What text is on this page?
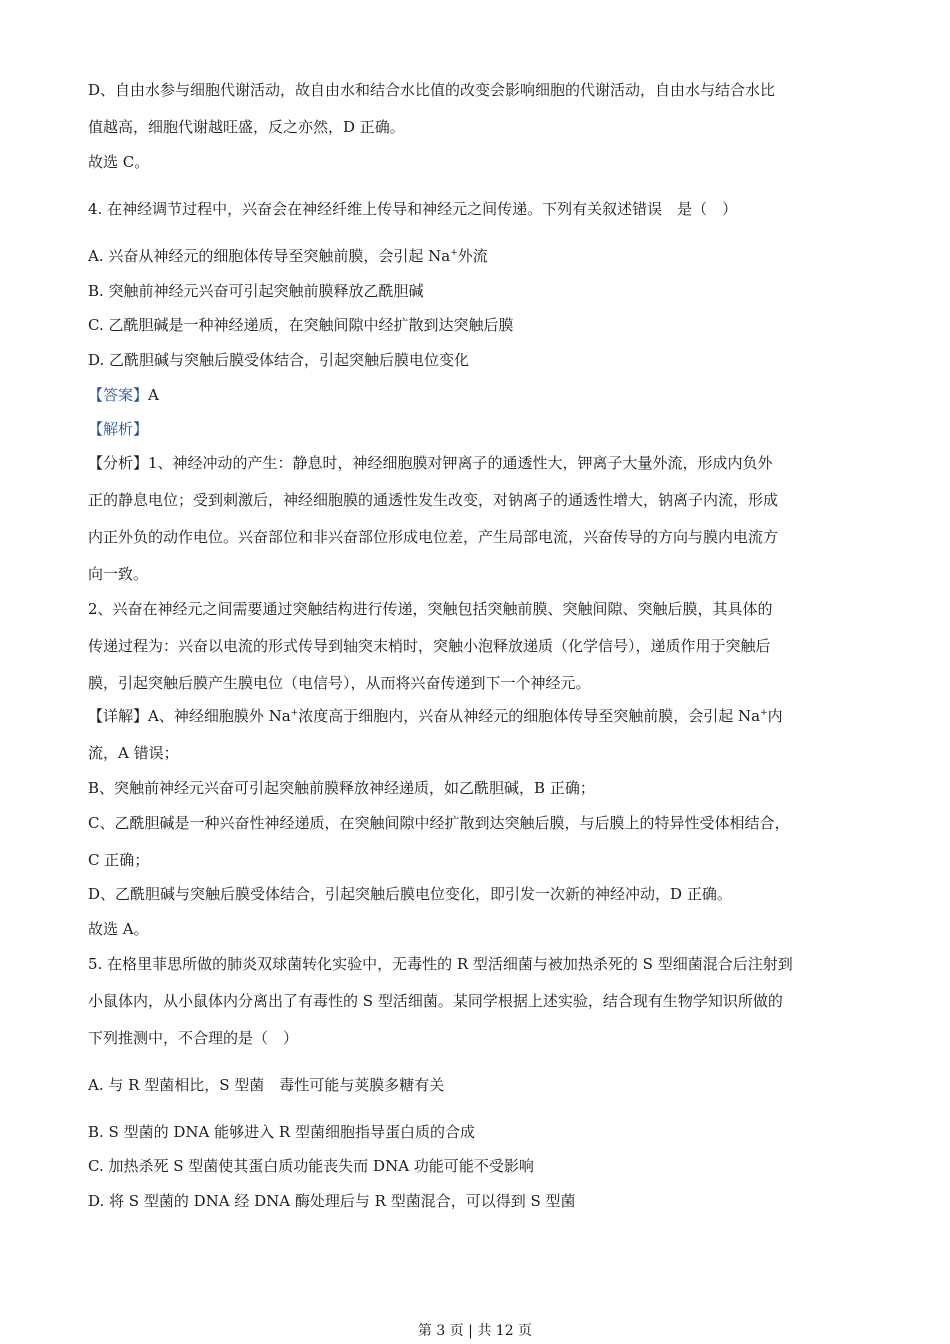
D、自由水参与细胞代谢活动，故自由水和结合水比值的改变会影响细胞的代谢活动，自由水与结合水比
值越高，细胞代谢越旺盛，反之亦然，D 正确。
故选 C。
4. 在神经调节过程中，兴奋会在神经纤维上传导和神经元之间传递。下列有关叙述错误　是（　）
A. 兴奋从神经元的细胞体传导至突触前膜，会引起 Na+外流
B. 突触前神经元兴奋可引起突触前膜释放乙酰胆碱
C. 乙酰胆碱是一种神经递质，在突触间隙中经扩散到达突触后膜
D. 乙酰胆碱与突触后膜受体结合，引起突触后膜电位变化
【答案】A
【解析】
【分析】1、神经冲动的产生：静息时，神经细胞膜对钾离子的通透性大，钾离子大量外流，形成内负外
正的静息电位；受到刺激后，神经细胞膜的通透性发生改变，对钠离子的通透性增大，钠离子内流，形成
内正外负的动作电位。兴奋部位和非兴奋部位形成电位差，产生局部电流，兴奋传导的方向与膜内电流方
向一致。
2、兴奋在神经元之间需要通过突触结构进行传递，突触包括突触前膜、突触间隙、突触后膜，其具体的
传递过程为：兴奋以电流的形式传导到轴突末梢时，突触小泡释放递质（化学信号），递质作用于突触后
膜，引起突触后膜产生膜电位（电信号），从而将兴奋传递到下一个神经元。
【详解】A、神经细胞膜外 Na+浓度高于细胞内，兴奋从神经元的细胞体传导至突触前膜，会引起 Na+内
流，A 错误；
B、突触前神经元兴奋可引起突触前膜释放神经递质，如乙酰胆碱，B 正确；
C、乙酰胆碱是一种兴奋性神经递质，在突触间隙中经扩散到达突触后膜，与后膜上的特异性受体相结合，
C 正确；
D、乙酰胆碱与突触后膜受体结合，引起突触后膜电位变化，即引发一次新的神经冲动，D 正确。
故选 A。
5. 在格里菲思所做的肺炎双球菌转化实验中，无毒性的 R 型活细菌与被加热杀死的 S 型细菌混合后注射到
小鼠体内，从小鼠体内分离出了有毒性的 S 型活细菌。某同学根据上述实验，结合现有生物学知识所做的
下列推测中，不合理的是（　）
A. 与 R 型菌相比，S 型菌　毒性可能与荚膜多糖有关
B. S 型菌的 DNA 能够进入 R 型菌细胞指导蛋白质的合成
C. 加热杀死 S 型菌使其蛋白质功能丧失而 DNA 功能可能不受影响
D. 将 S 型菌的 DNA 经 DNA 酶处理后与 R 型菌混合，可以得到 S 型菌
第 3 页 | 共 12 页
